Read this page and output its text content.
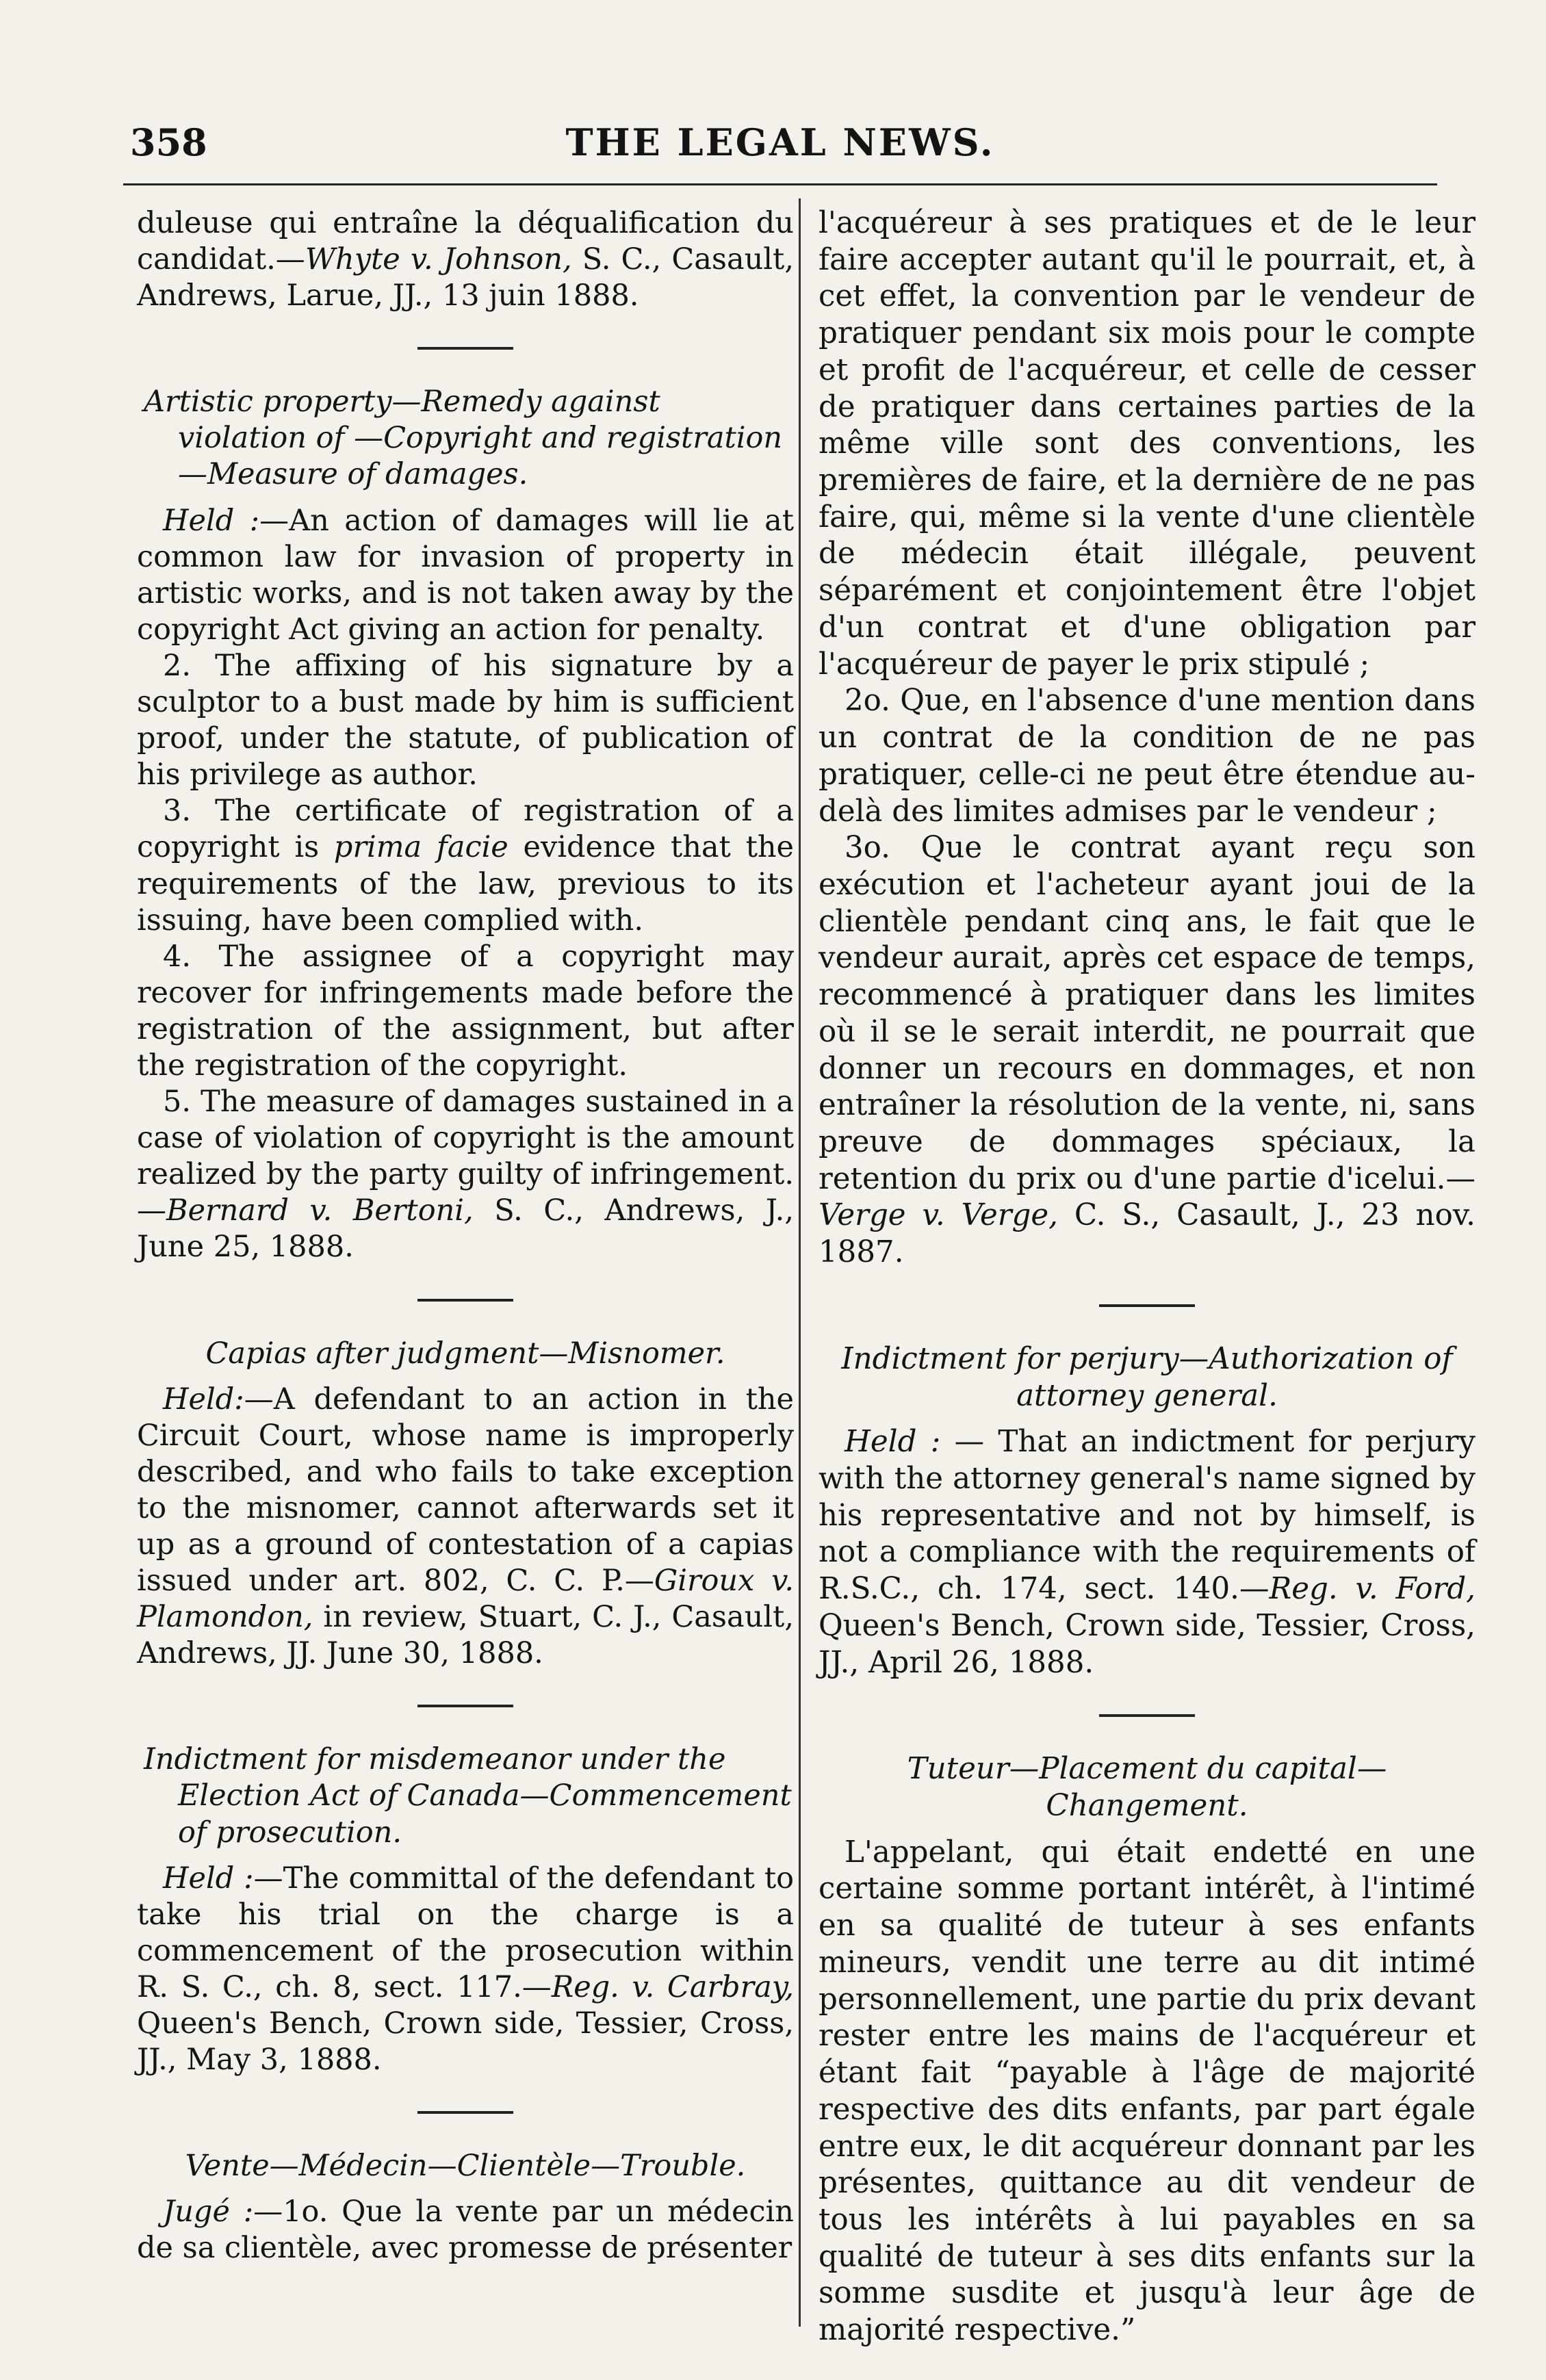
358	THE LEGAL NEWS.

duleuse qui entraîne la déqualification du candidat.—Whyte v. Johnson, S. C., Casault, Andrews, Larue, JJ., 13 juin 1888.

Artistic property—Remedy against violation of —Copyright and registration—Measure of damages.

Held :—An action of damages will lie at common law for invasion of property in artistic works, and is not taken away by the copyright Act giving an action for penalty.

2. The affixing of his signature by a sculptor to a bust made by him is sufficient proof, under the statute, of publication of his privilege as author.

3. The certificate of registration of a copyright is prima facie evidence that the requirements of the law, previous to its issuing, have been complied with.

4. The assignee of a copyright may recover for infringements made before the registration of the assignment, but after the registration of the copyright.

5. The measure of damages sustained in a case of violation of copyright is the amount realized by the party guilty of infringement.—Bernard v. Bertoni, S. C., Andrews, J., June 25, 1888.

Capias after judgment—Misnomer.

Held:—A defendant to an action in the Circuit Court, whose name is improperly described, and who fails to take exception to the misnomer, cannot afterwards set it up as a ground of contestation of a capias issued under art. 802, C. C. P.—Giroux v. Plamondon, in review, Stuart, C. J., Casault, Andrews, JJ. June 30, 1888.

Indictment for misdemeanor under the Election Act of Canada—Commencement of prosecution.

Held :—The committal of the defendant to take his trial on the charge is a commencement of the prosecution within R. S. C., ch. 8, sect. 117.—Reg. v. Carbray, Queen's Bench, Crown side, Tessier, Cross, JJ., May 3, 1888.

Vente—Médecin—Clientèle—Trouble.

Jugé :—1o. Que la vente par un médecin de sa clientèle, avec promesse de présenter

l'acquéreur à ses pratiques et de le leur faire accepter autant qu'il le pourrait, et, à cet effet, la convention par le vendeur de pratiquer pendant six mois pour le compte et profit de l'acquéreur, et celle de cesser de pratiquer dans certaines parties de la même ville sont des conventions, les premières de faire, et la dernière de ne pas faire, qui, même si la vente d'une clientèle de médecin était illégale, peuvent séparément et conjointement être l'objet d'un contrat et d'une obligation par l'acquéreur de payer le prix stipulé ;

2o. Que, en l'absence d'une mention dans un contrat de la condition de ne pas pratiquer, celle-ci ne peut être étendue au-delà des limites admises par le vendeur ;

3o. Que le contrat ayant reçu son exécution et l'acheteur ayant joui de la clientèle pendant cinq ans, le fait que le vendeur aurait, après cet espace de temps, recommencé à pratiquer dans les limites où il se le serait interdit, ne pourrait que donner un recours en dommages, et non entraîner la résolution de la vente, ni, sans preuve de dommages spéciaux, la retention du prix ou d'une partie d'icelui.—Verge v. Verge, C. S., Casault, J., 23 nov. 1887.

Indictment for perjury—Authorization of attorney general.

Held : — That an indictment for perjury with the attorney general's name signed by his representative and not by himself, is not a compliance with the requirements of R.S.C., ch. 174, sect. 140.—Reg. v. Ford, Queen's Bench, Crown side, Tessier, Cross, JJ., April 26, 1888.

Tuteur—Placement du capital—Changement.

L'appelant, qui était endetté en une certaine somme portant intérêt, à l'intimé en sa qualité de tuteur à ses enfants mineurs, vendit une terre au dit intimé personnellement, une partie du prix devant rester entre les mains de l'acquéreur et étant fait “payable à l'âge de majorité respective des dits enfants, par part égale entre eux, le dit acquéreur donnant par les présentes, quittance au dit vendeur de tous les intérêts à lui payables en sa qualité de tuteur à ses dits enfants sur la somme susdite et jusqu'à leur âge de majorité respective.”
